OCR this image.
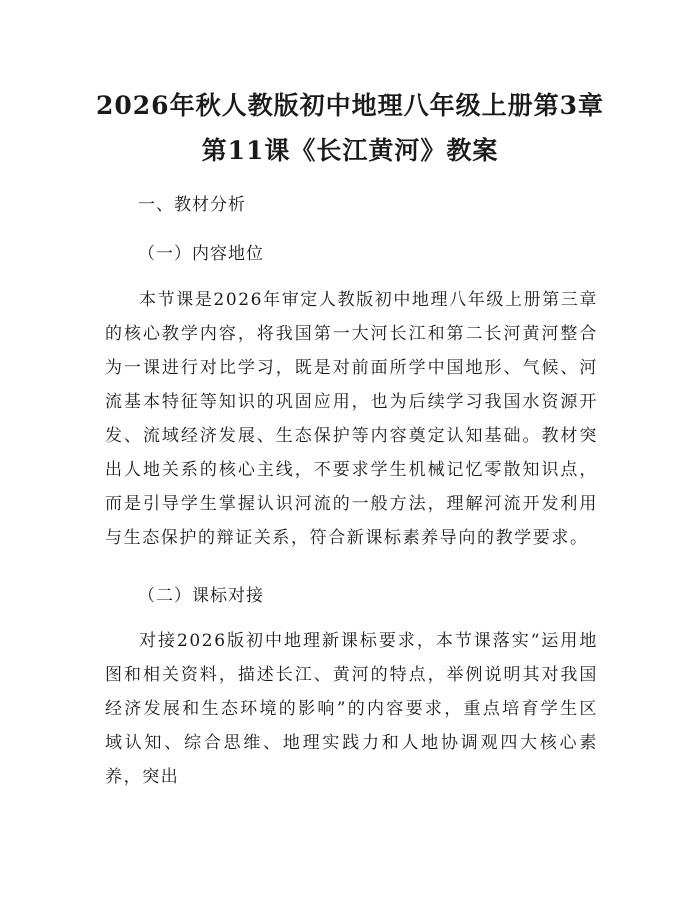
2026年秋人教版初中地理八年级上册第3章
第11课《长江黄河》教案
一、教材分析
（一）内容地位
本节课是2026年审定人教版初中地理八年级上册第三章的核心教学内容，将我国第一大河长江和第二长河黄河整合为一课进行对比学习，既是对前面所学中国地形、气候、河流基本特征等知识的巩固应用，也为后续学习我国水资源开发、流域经济发展、生态保护等内容奠定认知基础。教材突出人地关系的核心主线，不要求学生机械记忆零散知识点，而是引导学生掌握认识河流的一般方法，理解河流开发利用与生态保护的辩证关系，符合新课标素养导向的教学要求。
（二）课标对接
对接2026版初中地理新课标要求，本节课落实“运用地图和相关资料，描述长江、黄河的特点，举例说明其对我国经济发展和生态环境的影响”的内容要求，重点培育学生区域认知、综合思维、地理实践力和人地协调观四大核心素养，突出
